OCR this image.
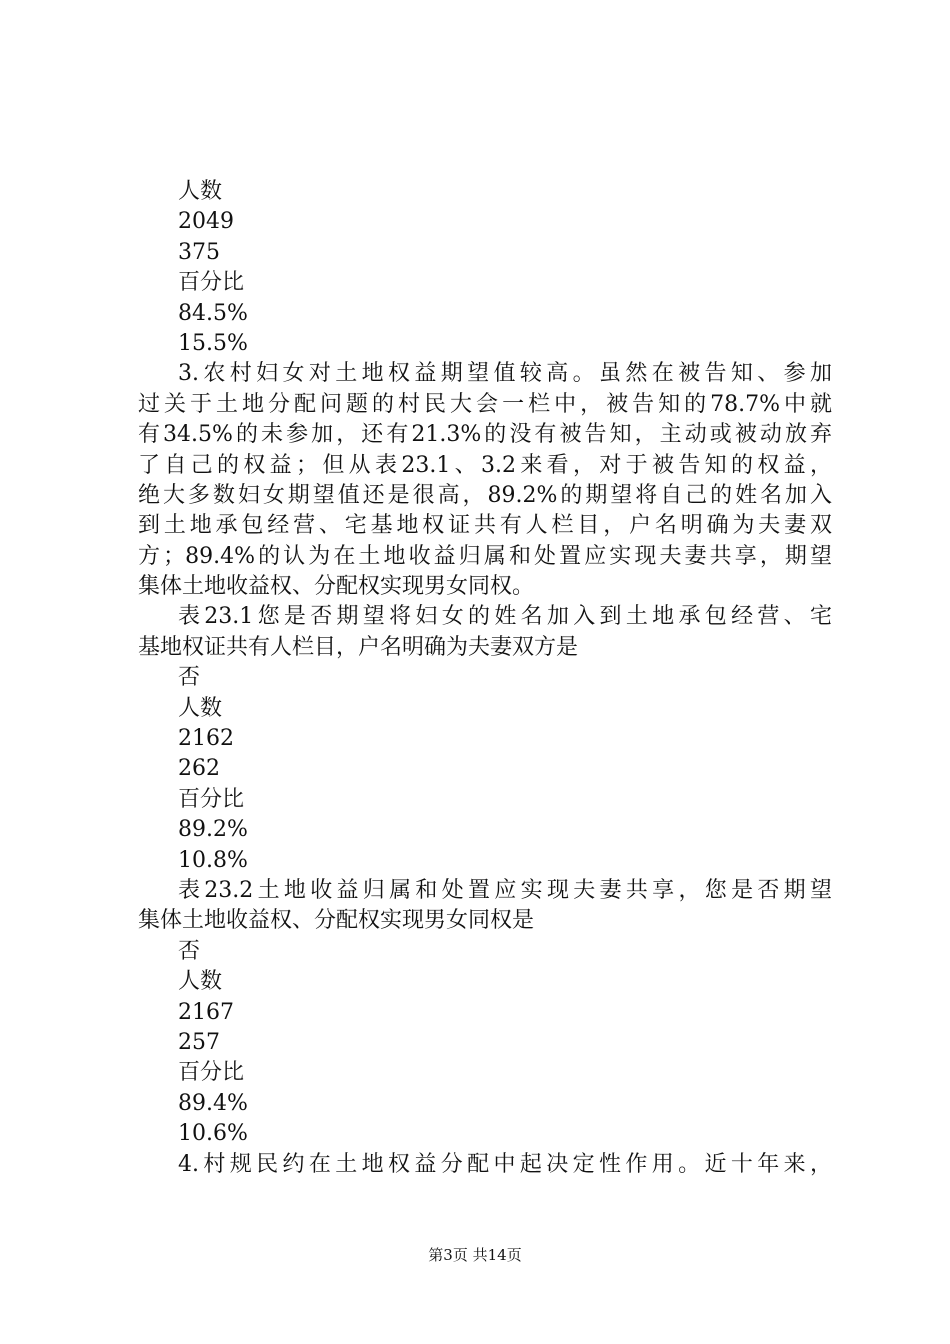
人数
2049
375
百分比
84.5%
15.5%
3.农村妇女对土地权益期望值较高。虽然在被告知、参加
过关于土地分配问题的村民大会一栏中，被告知的78.7%中就
有34.5%的未参加，还有21.3%的没有被告知，主动或被动放弃
了自己的权益；但从表23.1、3.2来看，对于被告知的权益，
绝大多数妇女期望值还是很高，89.2%的期望将自己的姓名加入
到土地承包经营、宅基地权证共有人栏目，户名明确为夫妻双
方；89.4%的认为在土地收益归属和处置应实现夫妻共享，期望
集体土地收益权、分配权实现男女同权。
表23.1您是否期望将妇女的姓名加入到土地承包经营、宅
基地权证共有人栏目，户名明确为夫妻双方是
否
人数
2162
262
百分比
89.2%
10.8%
表23.2土地收益归属和处置应实现夫妻共享，您是否期望
集体土地收益权、分配权实现男女同权是
否
人数
2167
257
百分比
89.4%
10.6%
4.村规民约在土地权益分配中起决定性作用。近十年来，
第3页 共14页
